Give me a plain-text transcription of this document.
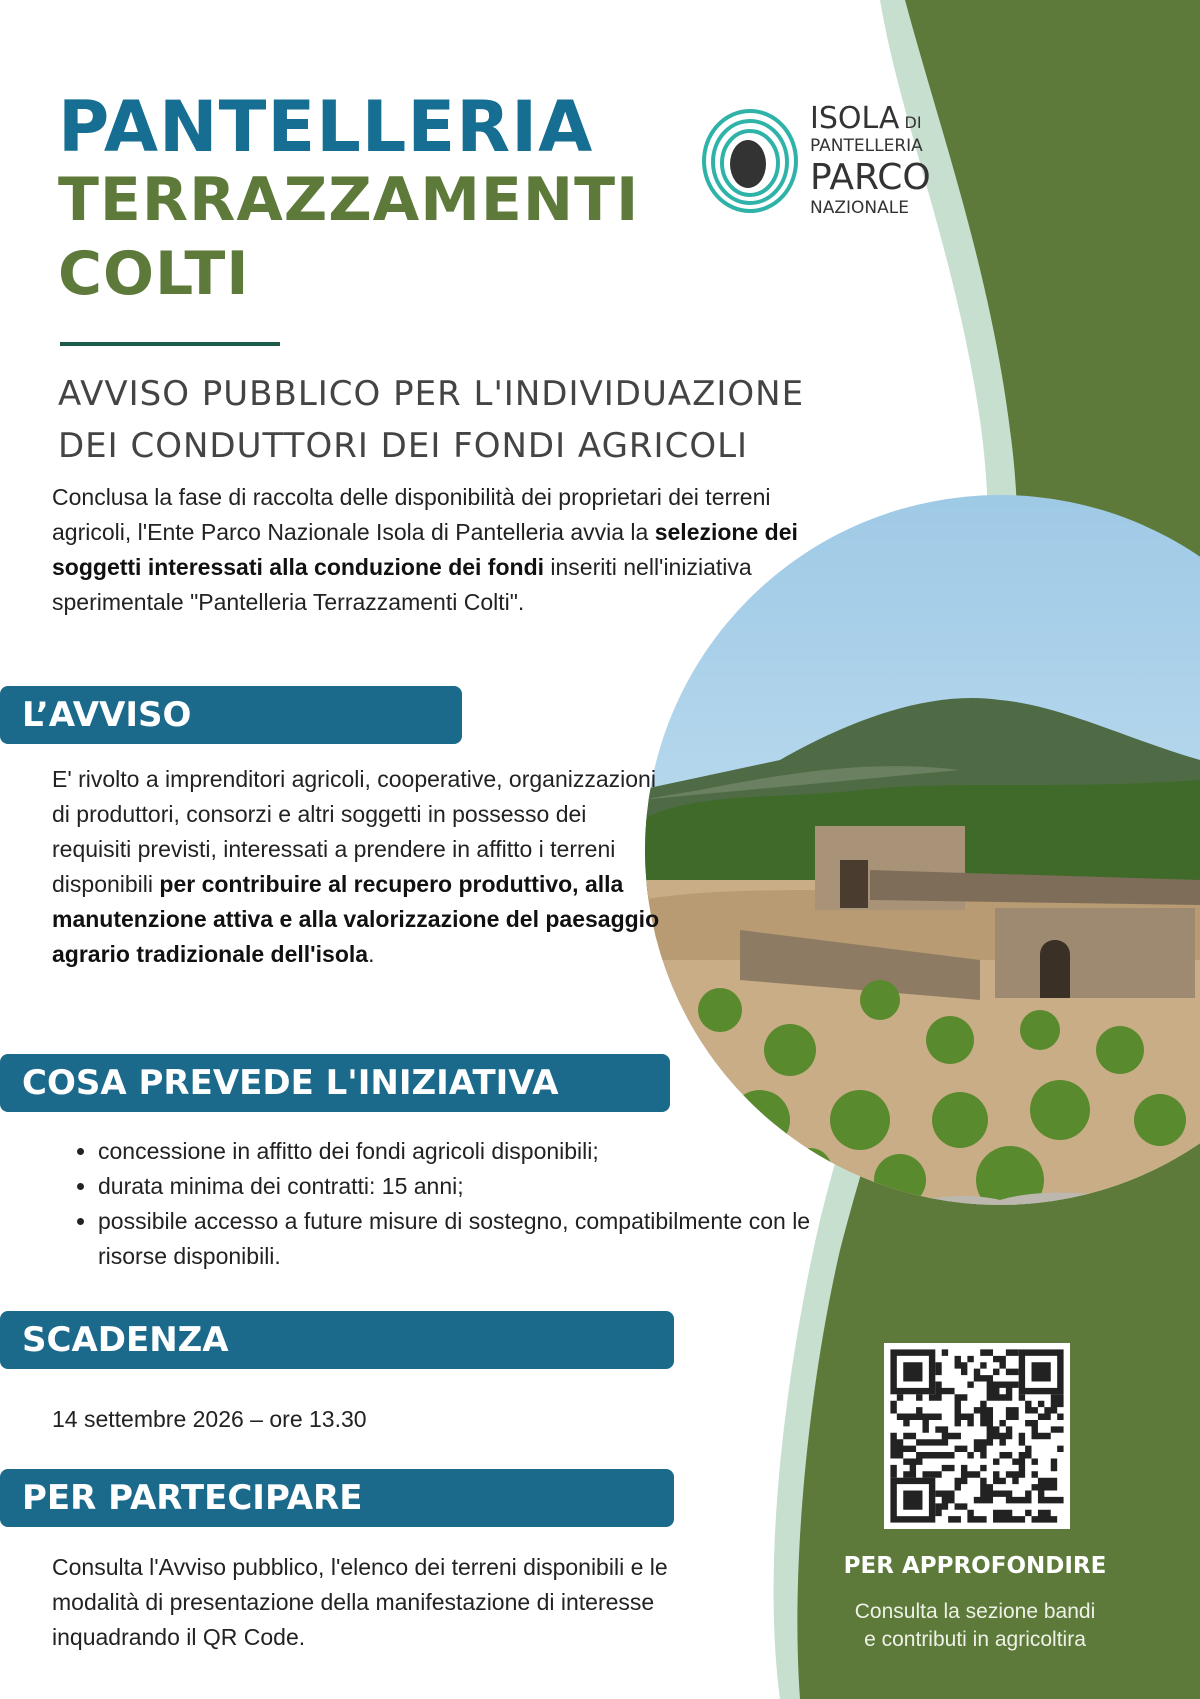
PANTELLERIA
TERRAZZAMENTI
COLTI
ISOLA DI
PANTELLERIA
PARCO
NAZIONALE
AVVISO PUBBLICO PER L'INDIVIDUAZIONE
DEI CONDUTTORI DEI FONDI AGRICOLI

Conclusa la fase di raccolta delle disponibilità dei proprietari dei terreni agricoli, l'Ente Parco Nazionale Isola di Pantelleria avvia la selezione dei soggetti interessati alla conduzione dei fondi inseriti nell'iniziativa sperimentale "Pantelleria Terrazzamenti Colti".

L’AVVISO

E' rivolto a imprenditori agricoli, cooperative, organizzazioni di produttori, consorzi e altri soggetti in possesso dei requisiti previsti, interessati a prendere in affitto i terreni disponibili per contribuire al recupero produttivo, alla manutenzione attiva e alla valorizzazione del paesaggio agrario tradizionale dell'isola.

COSA PREVEDE L'INIZIATIVA
• concessione in affitto dei fondi agricoli disponibili;
• durata minima dei contratti: 15 anni;
• possibile accesso a future misure di sostegno, compatibilmente con le risorse disponibili.
SCADENZA

14 settembre 2026 – ore 13.30

PER PARTECIPARE

Consulta l'Avviso pubblico, l'elenco dei terreni disponibili e le modalità di presentazione della manifestazione di interesse inquadrando il QR Code.

PER APPROFONDIRE
Consulta la sezione bandi
e contributi in agricoltira
